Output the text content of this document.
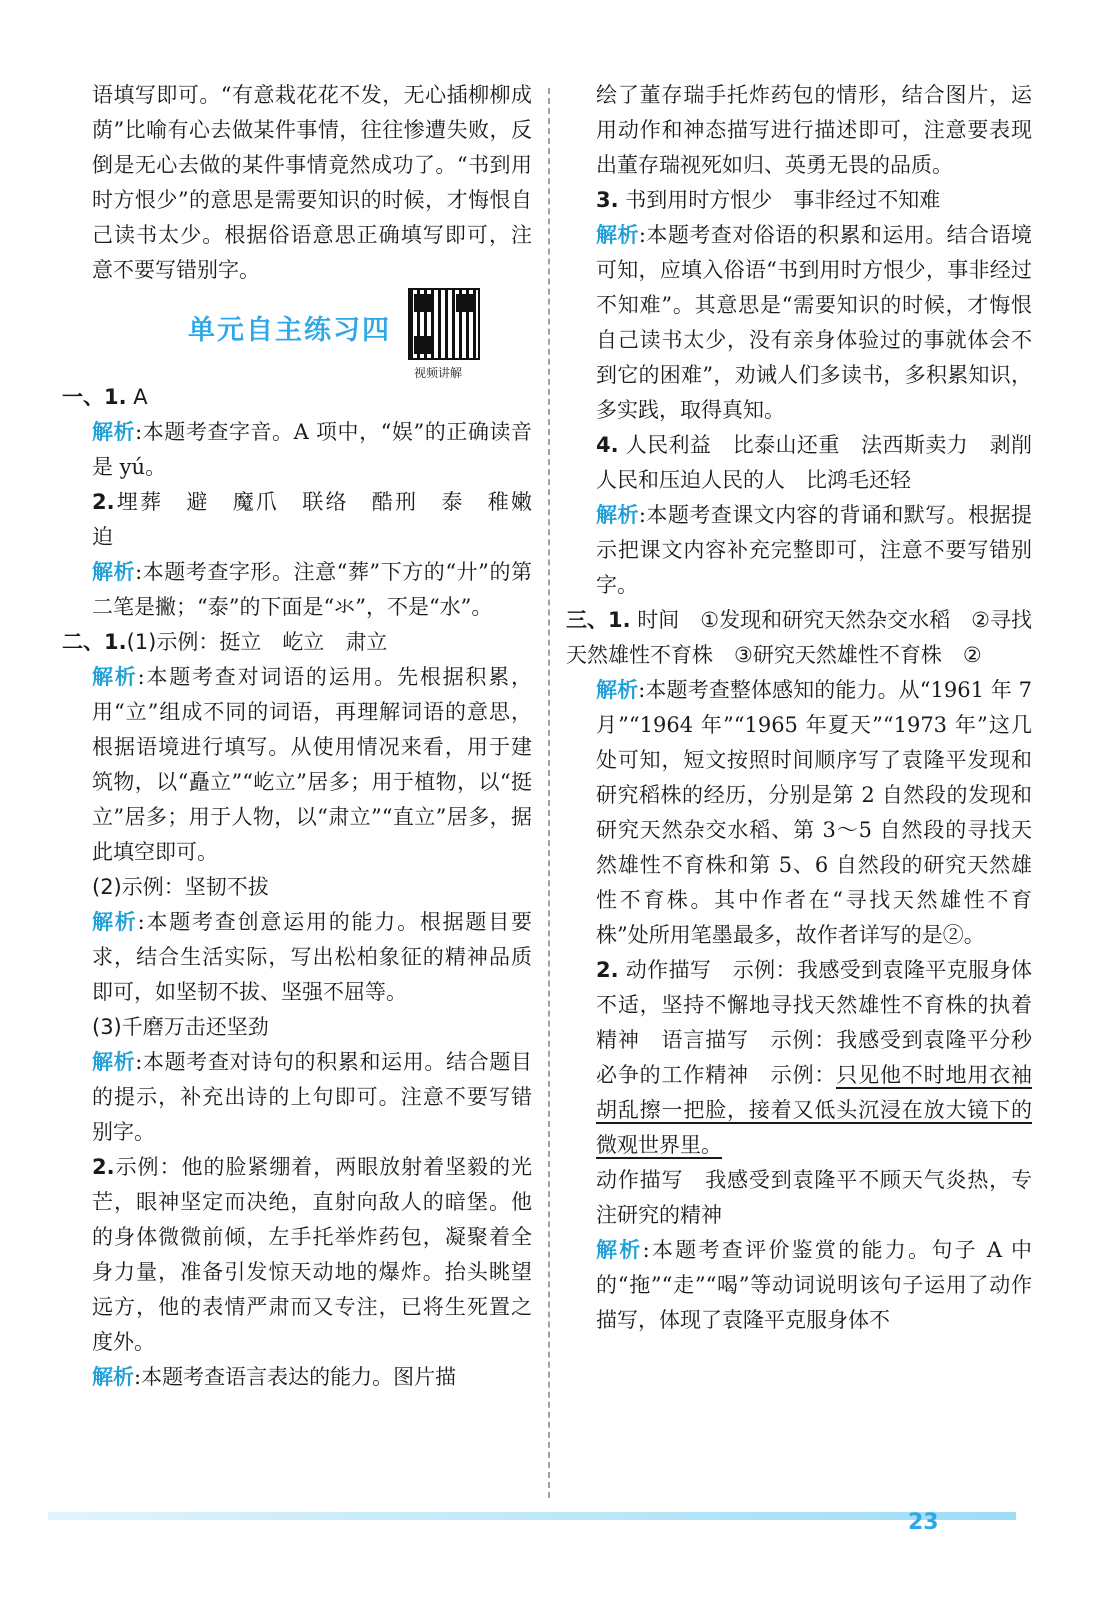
语填写即可。“有意栽花花不发，无心插柳柳成荫”比喻有心去做某件事情，往往惨遭失败，反倒是无心去做的某件事情竟然成功了。“书到用时方恨少”的意思是需要知识的时候，才悔恨自己读书太少。根据俗语意思正确填写即可，注意不要写错别字。

单元自主练习四
视频讲解

一、1. A

解析:本题考查字音。A 项中，“娱”的正确读音是 yú。

2.埋葬　避　魔爪　联络　酷刑　泰　稚嫩　迫

解析:本题考查字形。注意“葬”下方的“廾”的第二笔是撇；“泰”的下面是“氺”，不是“水”。

二、1.(1)示例：挺立　屹立　肃立

解析:本题考查对词语的运用。先根据积累，用“立”组成不同的词语，再理解词语的意思，根据语境进行填写。从使用情况来看，用于建筑物，以“矗立”“屹立”居多；用于植物，以“挺立”居多；用于人物，以“肃立”“直立”居多，据此填空即可。

(2)示例：坚韧不拔

解析:本题考查创意运用的能力。根据题目要求，结合生活实际，写出松柏象征的精神品质即可，如坚韧不拔、坚强不屈等。

(3)千磨万击还坚劲

解析:本题考查对诗句的积累和运用。结合题目的提示，补充出诗的上句即可。注意不要写错别字。

2.示例：他的脸紧绷着，两眼放射着坚毅的光芒，眼神坚定而决绝，直射向敌人的暗堡。他的身体微微前倾，左手托举炸药包，凝聚着全身力量，准备引发惊天动地的爆炸。抬头眺望远方，他的表情严肃而又专注，已将生死置之度外。

解析:本题考查语言表达的能力。图片描

绘了董存瑞手托炸药包的情形，结合图片，运用动作和神态描写进行描述即可，注意要表现出董存瑞视死如归、英勇无畏的品质。

3. 书到用时方恨少　事非经过不知难

解析:本题考查对俗语的积累和运用。结合语境可知，应填入俗语“书到用时方恨少，事非经过不知难”。其意思是“需要知识的时候，才悔恨自己读书太少，没有亲身体验过的事就体会不到它的困难”，劝诫人们多读书，多积累知识，多实践，取得真知。

4. 人民利益　比泰山还重　法西斯卖力　剥削人民和压迫人民的人　比鸿毛还轻

解析:本题考查课文内容的背诵和默写。根据提示把课文内容补充完整即可，注意不要写错别字。

三、1. 时间　①发现和研究天然杂交水稻　②寻找天然雄性不育株　③研究天然雄性不育株　②

解析:本题考查整体感知的能力。从“1961 年 7 月”“1964 年”“1965 年夏天”“1973 年”这几处可知，短文按照时间顺序写了袁隆平发现和研究稻株的经历，分别是第 2 自然段的发现和研究天然杂交水稻、第 3～5 自然段的寻找天然雄性不育株和第 5、6 自然段的研究天然雄性不育株。其中作者在“寻找天然雄性不育株”处所用笔墨最多，故作者详写的是②。

2. 动作描写　示例：我感受到袁隆平克服身体不适，坚持不懈地寻找天然雄性不育株的执着精神　语言描写　示例：我感受到袁隆平分秒必争的工作精神　示例：只见他不时地用衣袖胡乱擦一把脸，接着又低头沉浸在放大镜下的微观世界里。

动作描写　我感受到袁隆平不顾天气炎热，专注研究的精神

解析:本题考查评价鉴赏的能力。句子 A 中的“拖”“走”“喝”等动词说明该句子运用了动作描写，体现了袁隆平克服身体不

23
